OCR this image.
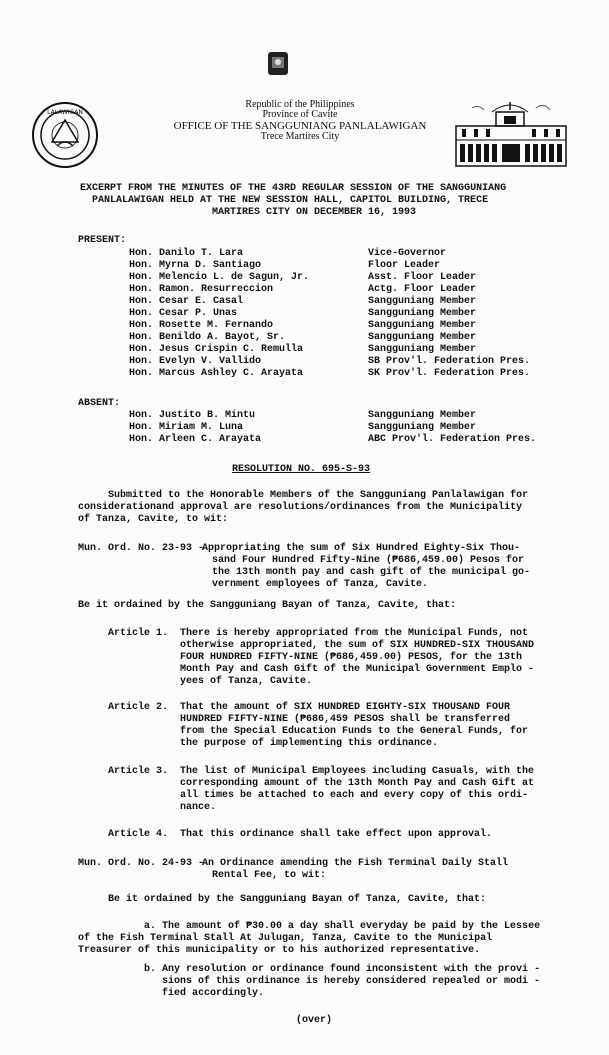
LALAWIGAN
Republic of the Philippines
Province of Cavite
OFFICE OF THE SANGGUNIANG PANLALAWIGAN
Trece Martires City
EXCERPT FROM THE MINUTES OF THE 43RD REGULAR SESSION OF THE SANGGUNIANG
PANLALAWIGAN HELD AT THE NEW SESSION HALL, CAPITOL BUILDING, TRECE
MARTIRES CITY ON DECEMBER 16, 1993
PRESENT:
Hon. Danilo T. Lara	Vice-Governor
Hon. Myrna D. Santiago	Floor Leader
Hon. Melencio L. de Sagun, Jr.	Asst. Floor Leader
Hon. Ramon. Resurreccion	Actg. Floor Leader
Hon. Cesar E. Casal	Sangguniang Member
Hon. Cesar P. Unas	Sangguniang Member
Hon. Rosette M. Fernando	Sangguniang Member
Hon. Benildo A. Bayot, Sr.	Sangguniang Member
Hon. Jesus Crispin C. Remulla	Sangguniang Member
Hon. Evelyn V. Vallido	SB Prov'l. Federation Pres.
Hon. Marcus Ashley C. Arayata	SK Prov'l. Federation Pres.
ABSENT:
Hon. Justito B. Mintu	Sangguniang Member
Hon. Miriam M. Luna	Sangguniang Member
Hon. Arleen C. Arayata	ABC Prov'l. Federation Pres.
RESOLUTION NO. 695-S-93
Submitted to the Honorable Members of the Sangguniang Panlalawigan for
considerationand approval are resolutions/ordinances from the Municipality
of Tanza, Cavite, to wit:
Mun. Ord. No. 23-93 -
Appropriating the sum of Six Hundred Eighty-Six Thou-
sand Four Hundred Fifty-Nine (₱686,459.00) Pesos for
the 13th month pay and cash gift of the municipal go-
vernment employees of Tanza, Cavite.
Be it ordained by the Sangguniang Bayan of Tanza, Cavite, that:
Article 1. There is hereby appropriated from the Municipal Funds, not
otherwise appropriated, the sum of SIX HUNDRED-SIX THOUSAND
FOUR HUNDRED FIFTY-NINE (₱686,459.00) PESOS, for the 13th
Month Pay and Cash Gift of the Municipal Government Emplo -
yees of Tanza, Cavite.
Article 2. That the amount of SIX HUNDRED EIGHTY-SIX THOUSAND FOUR
HUNDRED FIFTY-NINE (₱686,459 PESOS shall be transferred
from the Special Education Funds to the General Funds, for
the purpose of implementing this ordinance.
Article 3. The list of Municipal Employees including Casuals, with the
corresponding amount of the 13th Month Pay and Cash Gift at
all times be attached to each and every copy of this ordi-
nance.
Article 4. That this ordinance shall take effect upon approval.
Mun. Ord. No. 24-93 -
An Ordinance amending the Fish Terminal Daily Stall
Rental Fee, to wit:
Be it ordained by the Sangguniang Bayan of Tanza, Cavite, that:
a. The amount of ₱30.00 a day shall everyday be paid by the Lessee
of the Fish Terminal Stall At Julugan, Tanza, Cavite to the Municipal
Treasurer of this municipality or to his authorized representative.
b. Any resolution or ordinance found inconsistent with the provi -
sions of this ordinance is hereby considered repealed or modi -
fied accordingly.
(over)
